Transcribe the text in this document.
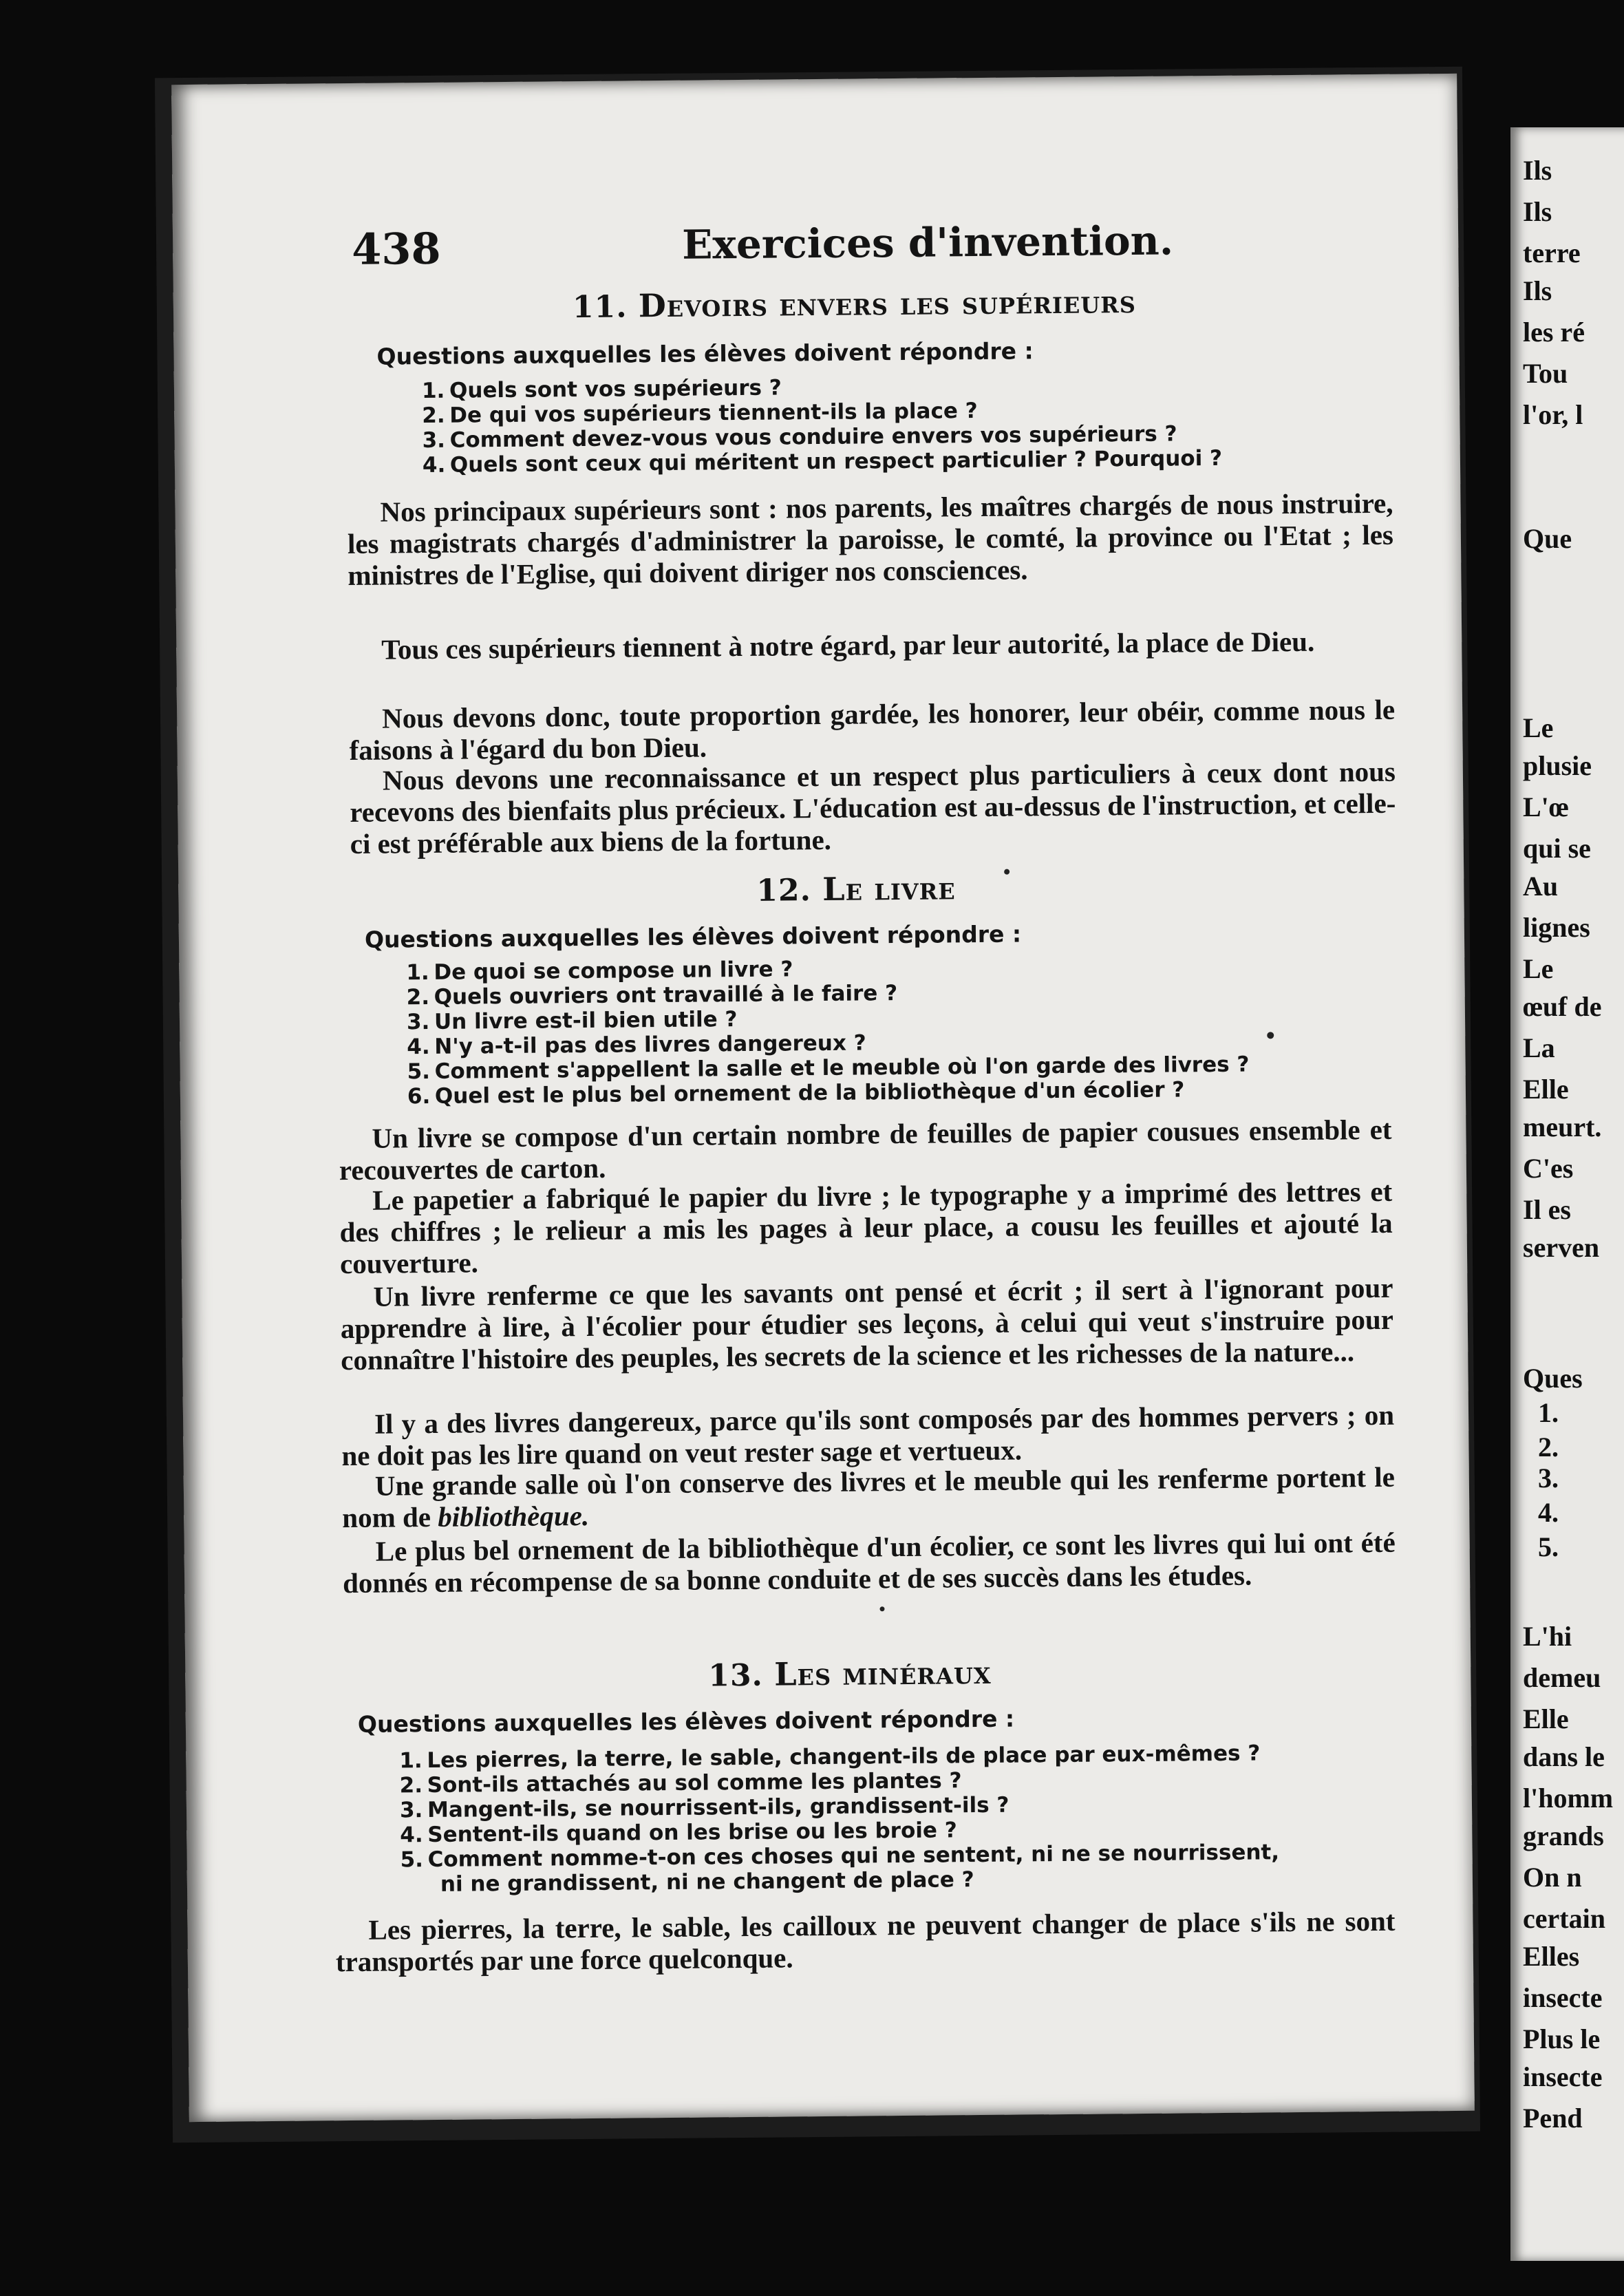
Ils
Ils
terre
Ils
les ré
Tou
l'or, l
Que
Le
plusie
L'œ
qui se
Au
lignes
Le
œuf de
La
Elle
meurt.
C'es
Il es
serven
Ques
1.
2.
3.
4.
5.
L'hi
demeu
Elle
dans le
l'homm
grands
On n
certain
Elles
insecte
Plus le
insecte
Pend
438	Exercices d'invention.
11. Devoirs envers les supérieurs
Questions auxquelles les élèves doivent répondre :
1. Quels sont vos supérieurs ?
2. De qui vos supérieurs tiennent-ils la place ?
3. Comment devez-vous vous conduire envers vos supérieurs ?
4. Quels sont ceux qui méritent un respect particulier ? Pourquoi ?

Nos principaux supérieurs sont : nos parents, les maîtres chargés de nous instruire, les magistrats chargés d'administrer la paroisse, le comté, la province ou l'Etat ; les ministres de l'Eglise, qui doivent diriger nos consciences.

Tous ces supérieurs tiennent à notre égard, par leur autorité, la place de Dieu.

Nous devons donc, toute proportion gardée, les honorer, leur obéir, comme nous le faisons à l'égard du bon Dieu.

Nous devons une reconnaissance et un respect plus particuliers à ceux dont nous recevons des bienfaits plus précieux. L'éducation est au-dessus de l'instruction, et celle-ci est préférable aux biens de la fortune.

12. Le livre
Questions auxquelles les élèves doivent répondre :
1. De quoi se compose un livre ?
2. Quels ouvriers ont travaillé à le faire ?
3. Un livre est-il bien utile ?
4. N'y a-t-il pas des livres dangereux ?
5. Comment s'appellent la salle et le meuble où l'on garde des livres ?
6. Quel est le plus bel ornement de la bibliothèque d'un écolier ?

Un livre se compose d'un certain nombre de feuilles de papier cousues ensemble et recouvertes de carton.

Le papetier a fabriqué le papier du livre ; le typographe y a imprimé des lettres et des chiffres ; le relieur a mis les pages à leur place, a cousu les feuilles et ajouté la couverture.

Un livre renferme ce que les savants ont pensé et écrit ; il sert à l'ignorant pour apprendre à lire, à l'écolier pour étudier ses leçons, à celui qui veut s'instruire pour connaître l'histoire des peuples, les secrets de la science et les richesses de la nature...

Il y a des livres dangereux, parce qu'ils sont composés par des hommes pervers ; on ne doit pas les lire quand on veut rester sage et vertueux.

Une grande salle où l'on conserve des livres et le meuble qui les renferme portent le nom de bibliothèque.

Le plus bel ornement de la bibliothèque d'un écolier, ce sont les livres qui lui ont été donnés en récompense de sa bonne conduite et de ses succès dans les études.

13. Les minéraux
Questions auxquelles les élèves doivent répondre :
1. Les pierres, la terre, le sable, changent-ils de place par eux-mêmes ?
2. Sont-ils attachés au sol comme les plantes ?
3. Mangent-ils, se nourrissent-ils, grandissent-ils ?
4. Sentent-ils quand on les brise ou les broie ?
5. Comment nomme-t-on ces choses qui ne sentent, ni ne se nourrissent,
ni ne grandissent, ni ne changent de place ?

Les pierres, la terre, le sable, les cailloux ne peuvent changer de place s'ils ne sont transportés par une force quelconque.
